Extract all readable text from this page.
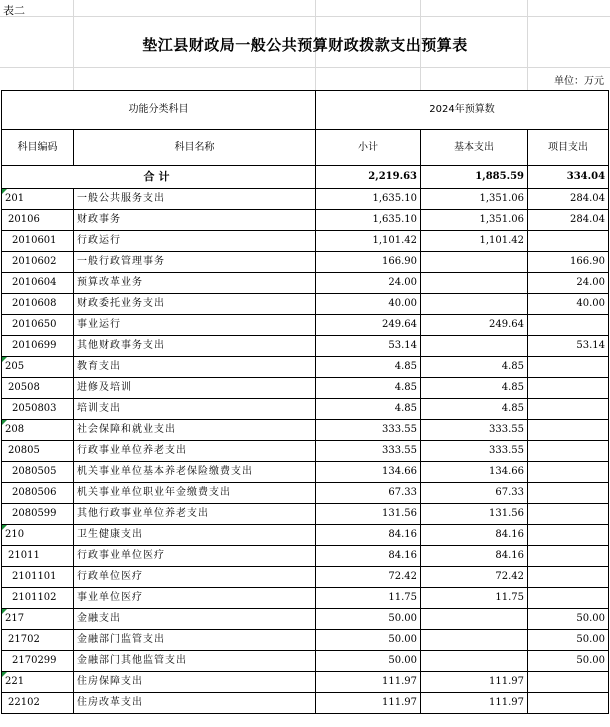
表二
垫江县财政局一般公共预算财政拨款支出预算表
单位：万元
功能分类科目		2024年预算数		
科目编码	科目名称	小计	基本支出	项目支出
合计		2,219.63	1,885.59	334.04
201	一般公共服务支出	1,635.10	1,351.06	284.04
20106	财政事务	1,635.10	1,351.06	284.04
2010601	行政运行	1,101.42	1,101.42	
2010602	一般行政管理事务	166.90		166.90
2010604	预算改革业务	24.00		24.00
2010608	财政委托业务支出	40.00		40.00
2010650	事业运行	249.64	249.64	
2010699	其他财政事务支出	53.14		53.14
205	教育支出	4.85	4.85	
20508	进修及培训	4.85	4.85	
2050803	培训支出	4.85	4.85	
208	社会保障和就业支出	333.55	333.55	
20805	行政事业单位养老支出	333.55	333.55	
2080505	机关事业单位基本养老保险缴费支出	134.66	134.66	
2080506	机关事业单位职业年金缴费支出	67.33	67.33	
2080599	其他行政事业单位养老支出	131.56	131.56	
210	卫生健康支出	84.16	84.16	
21011	行政事业单位医疗	84.16	84.16	
2101101	行政单位医疗	72.42	72.42	
2101102	事业单位医疗	11.75	11.75	
217	金融支出	50.00		50.00
21702	金融部门监管支出	50.00		50.00
2170299	金融部门其他监管支出	50.00		50.00
221	住房保障支出	111.97	111.97	
22102	住房改革支出	111.97	111.97	
